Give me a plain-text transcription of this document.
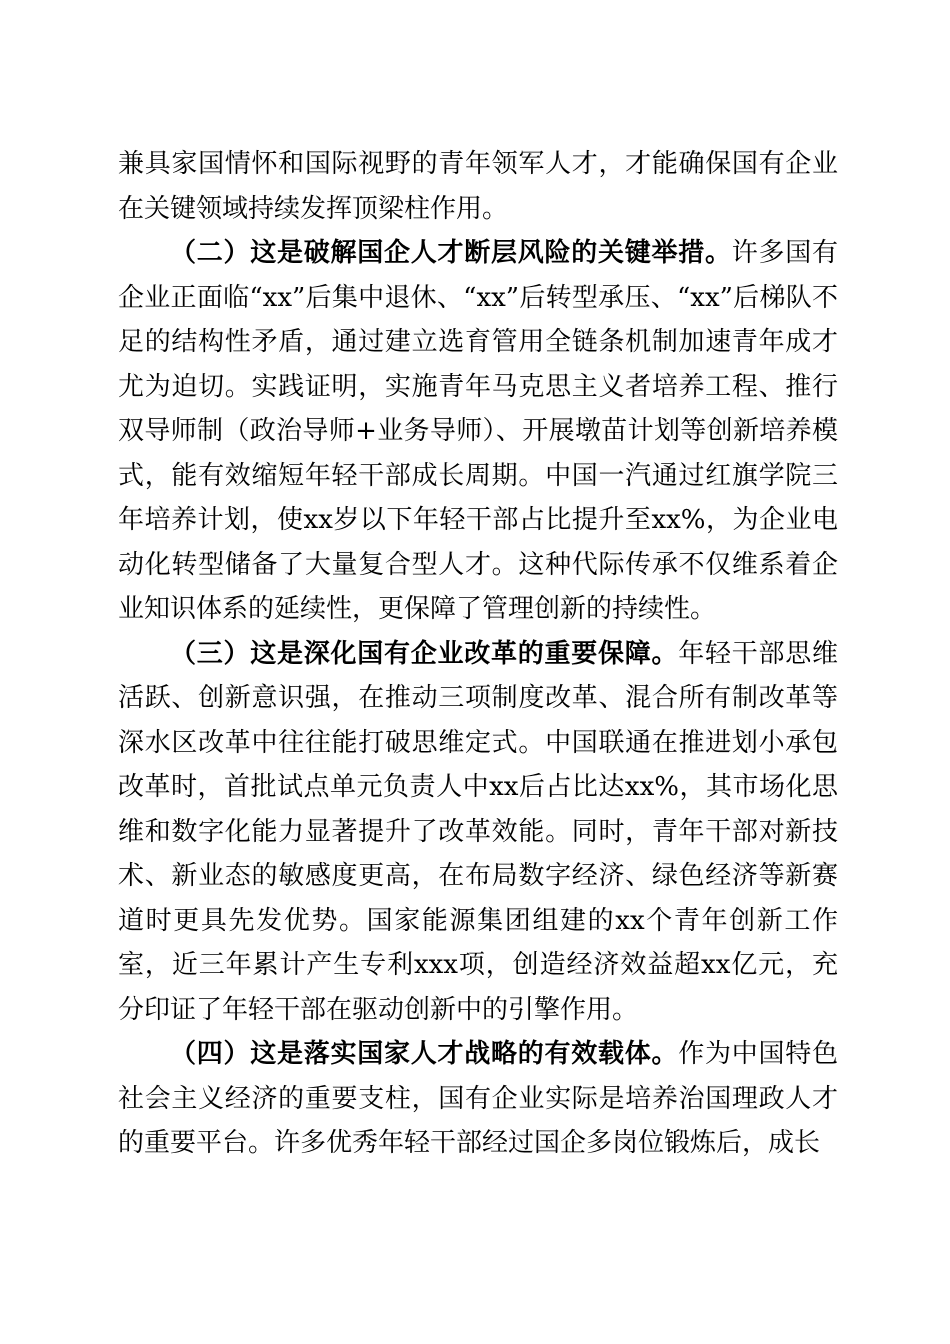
兼具家国情怀和国际视野的青年领军人才，才能确保国有企业在关键领域持续发挥顶梁柱作用。

（二）这是破解国企人才断层风险的关键举措。许多国有企业正面临“xx”后集中退休、“xx”后转型承压、“xx”后梯队不足的结构性矛盾，通过建立选育管用全链条机制加速青年成才尤为迫切。实践证明，实施青年马克思主义者培养工程、推行双导师制（政治导师+业务导师）、开展墩苗计划等创新培养模式，能有效缩短年轻干部成长周期。中国一汽通过红旗学院三年培养计划，使xx岁以下年轻干部占比提升至xx%，为企业电动化转型储备了大量复合型人才。这种代际传承不仅维系着企业知识体系的延续性，更保障了管理创新的持续性。

（三）这是深化国有企业改革的重要保障。年轻干部思维活跃、创新意识强，在推动三项制度改革、混合所有制改革等深水区改革中往往能打破思维定式。中国联通在推进划小承包改革时，首批试点单元负责人中xx后占比达xx%，其市场化思维和数字化能力显著提升了改革效能。同时，青年干部对新技术、新业态的敏感度更高，在布局数字经济、绿色经济等新赛道时更具先发优势。国家能源集团组建的xx个青年创新工作室，近三年累计产生专利xxx项，创造经济效益超xx亿元，充分印证了年轻干部在驱动创新中的引擎作用。

（四）这是落实国家人才战略的有效载体。作为中国特色社会主义经济的重要支柱，国有企业实际是培养治国理政人才的重要平台。许多优秀年轻干部经过国企多岗位锻炼后，成长
